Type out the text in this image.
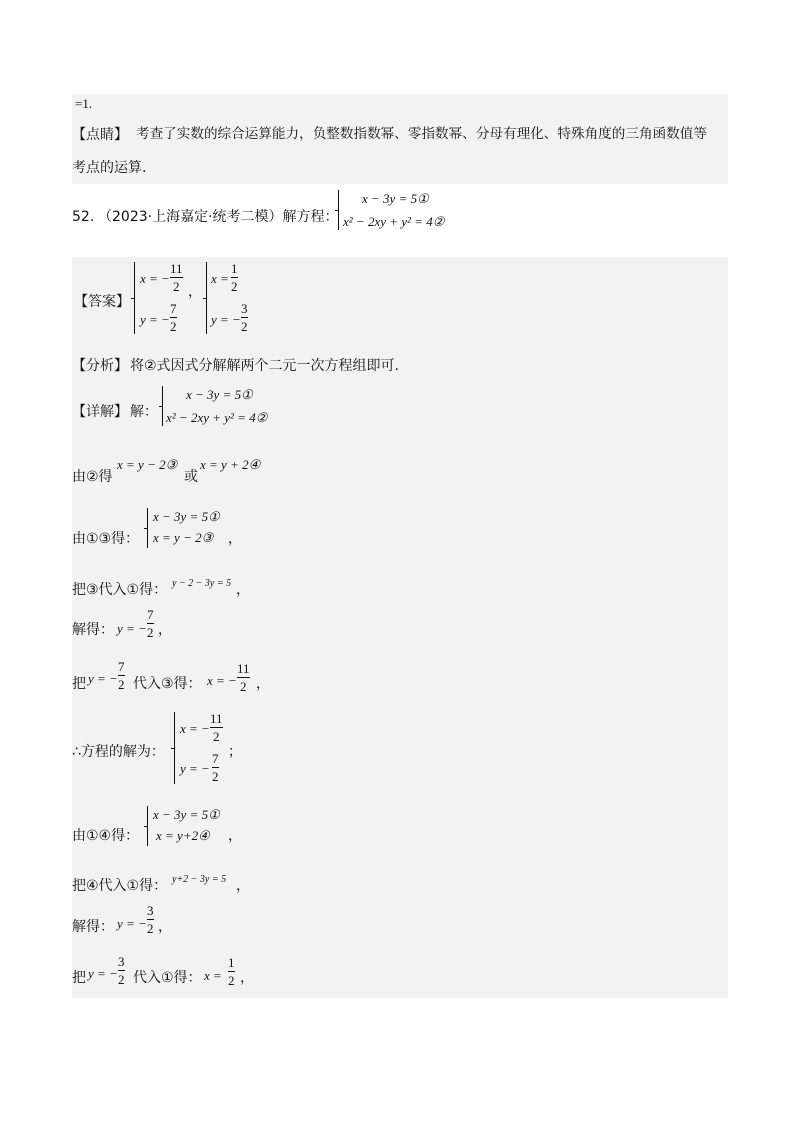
=1.
【点睛】 考查了实数的综合运算能力，负整数指数幂、零指数幂、分母有理化、特殊角度的三角函数值等
考点的运算.
52. （2023·上海嘉定·统考二模）解方程：
x − 3y = 5①
x² − 2xy + y² = 4②
【答案】
x = −
11
2
y = −
7
2
，
x =
1
2
y = −
3
2
【分析】 将②式因式分解解两个二元一次方程组即可.
【详解】 解：
x − 3y = 5①
x² − 2xy + y² = 4②
由②得
x = y − 2③
或
x = y + 2④
由①③得：
x − 3y = 5①
x = y − 2③ ，
把③代入①得： y − 2 − 3y = 5 ，
解得： y = −
7
2 ，
把 y = −
7
2 代入③得： x = −
11
2 ，
∴方程的解为：
x = −
11
2
y = −
7
2
；
由①④得：
x − 3y = 5①
x = y+2④ ，
把④代入①得： y+2 − 3y = 5 ，
解得： y = −
3
2 ，
把 y = −
3
2 代入①得： x =
1
2 ，
